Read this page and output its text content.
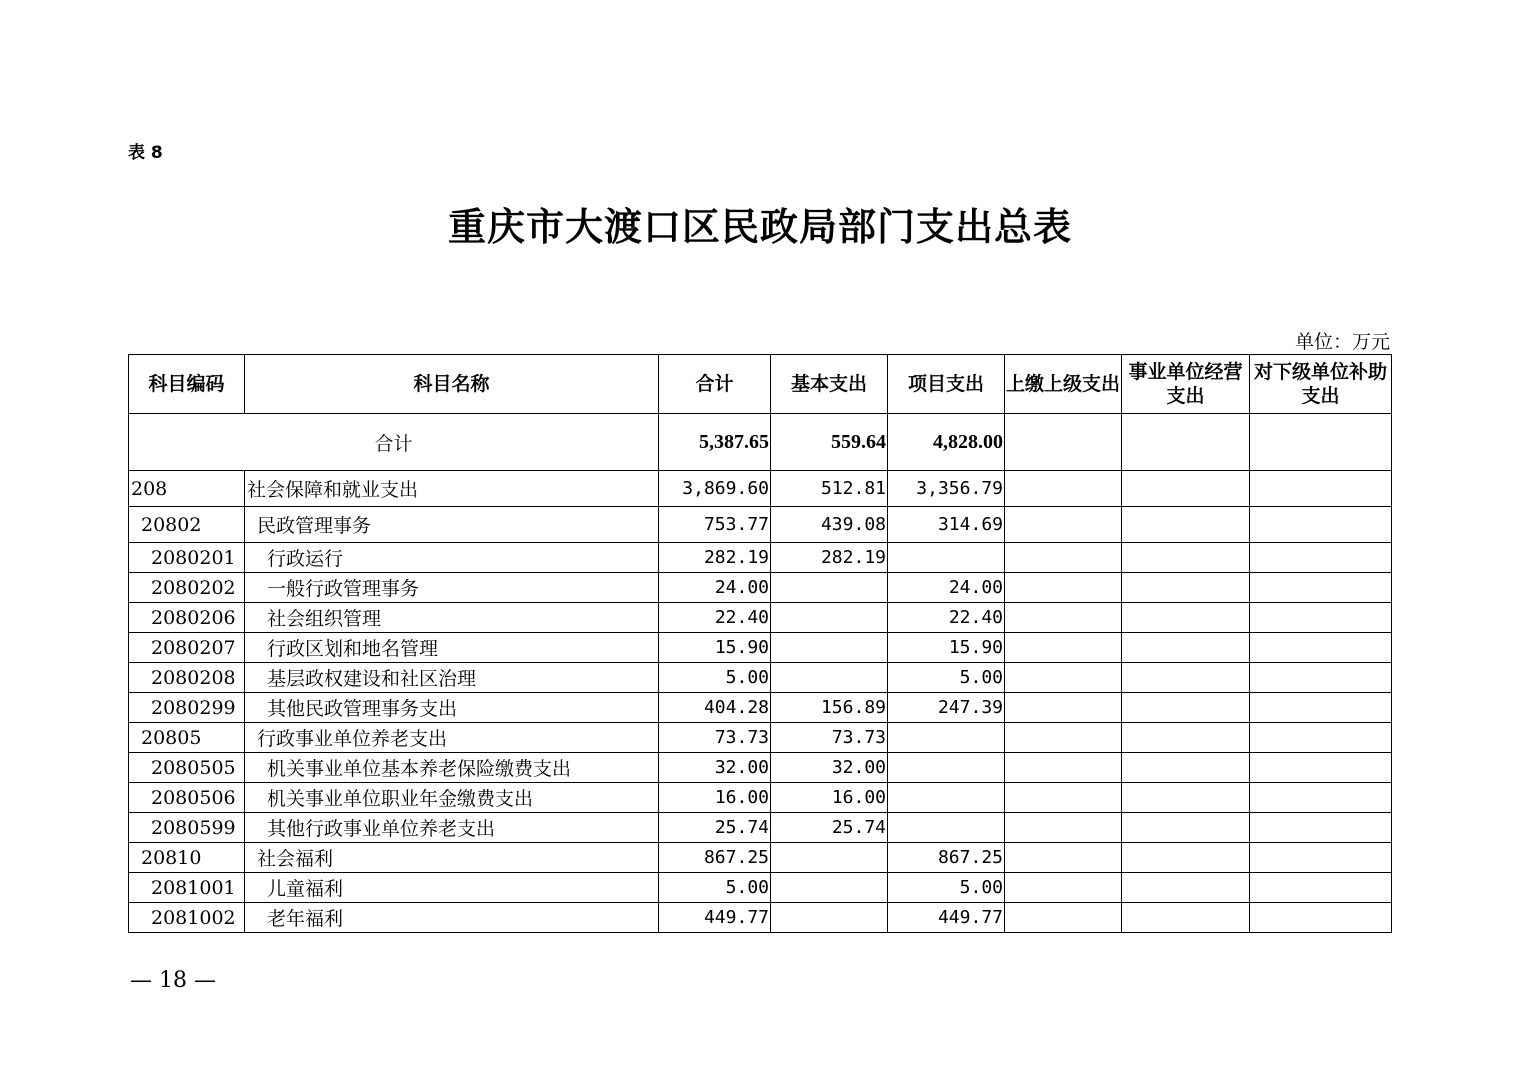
表 8
重庆市大渡口区民政局部门支出总表
单位：万元
科目编码	科目名称	合计	基本支出	项目支出	上缴上级支出	事业单位经营支出	对下级单位补助支出
合计		5,387.65	559.64	4,828.00			
208	社会保障和就业支出	3,869.60	512.81	3,356.79			
20802	民政管理事务	753.77	439.08	314.69			
2080201	行政运行	282.19	282.19				
2080202	一般行政管理事务	24.00		24.00			
2080206	社会组织管理	22.40		22.40			
2080207	行政区划和地名管理	15.90		15.90			
2080208	基层政权建设和社区治理	5.00		5.00			
2080299	其他民政管理事务支出	404.28	156.89	247.39			
20805	行政事业单位养老支出	73.73	73.73				
2080505	机关事业单位基本养老保险缴费支出	32.00	32.00				
2080506	机关事业单位职业年金缴费支出	16.00	16.00				
2080599	其他行政事业单位养老支出	25.74	25.74				
20810	社会福利	867.25		867.25			
2081001	儿童福利	5.00		5.00			
2081002	老年福利	449.77		449.77			
— 18 —
